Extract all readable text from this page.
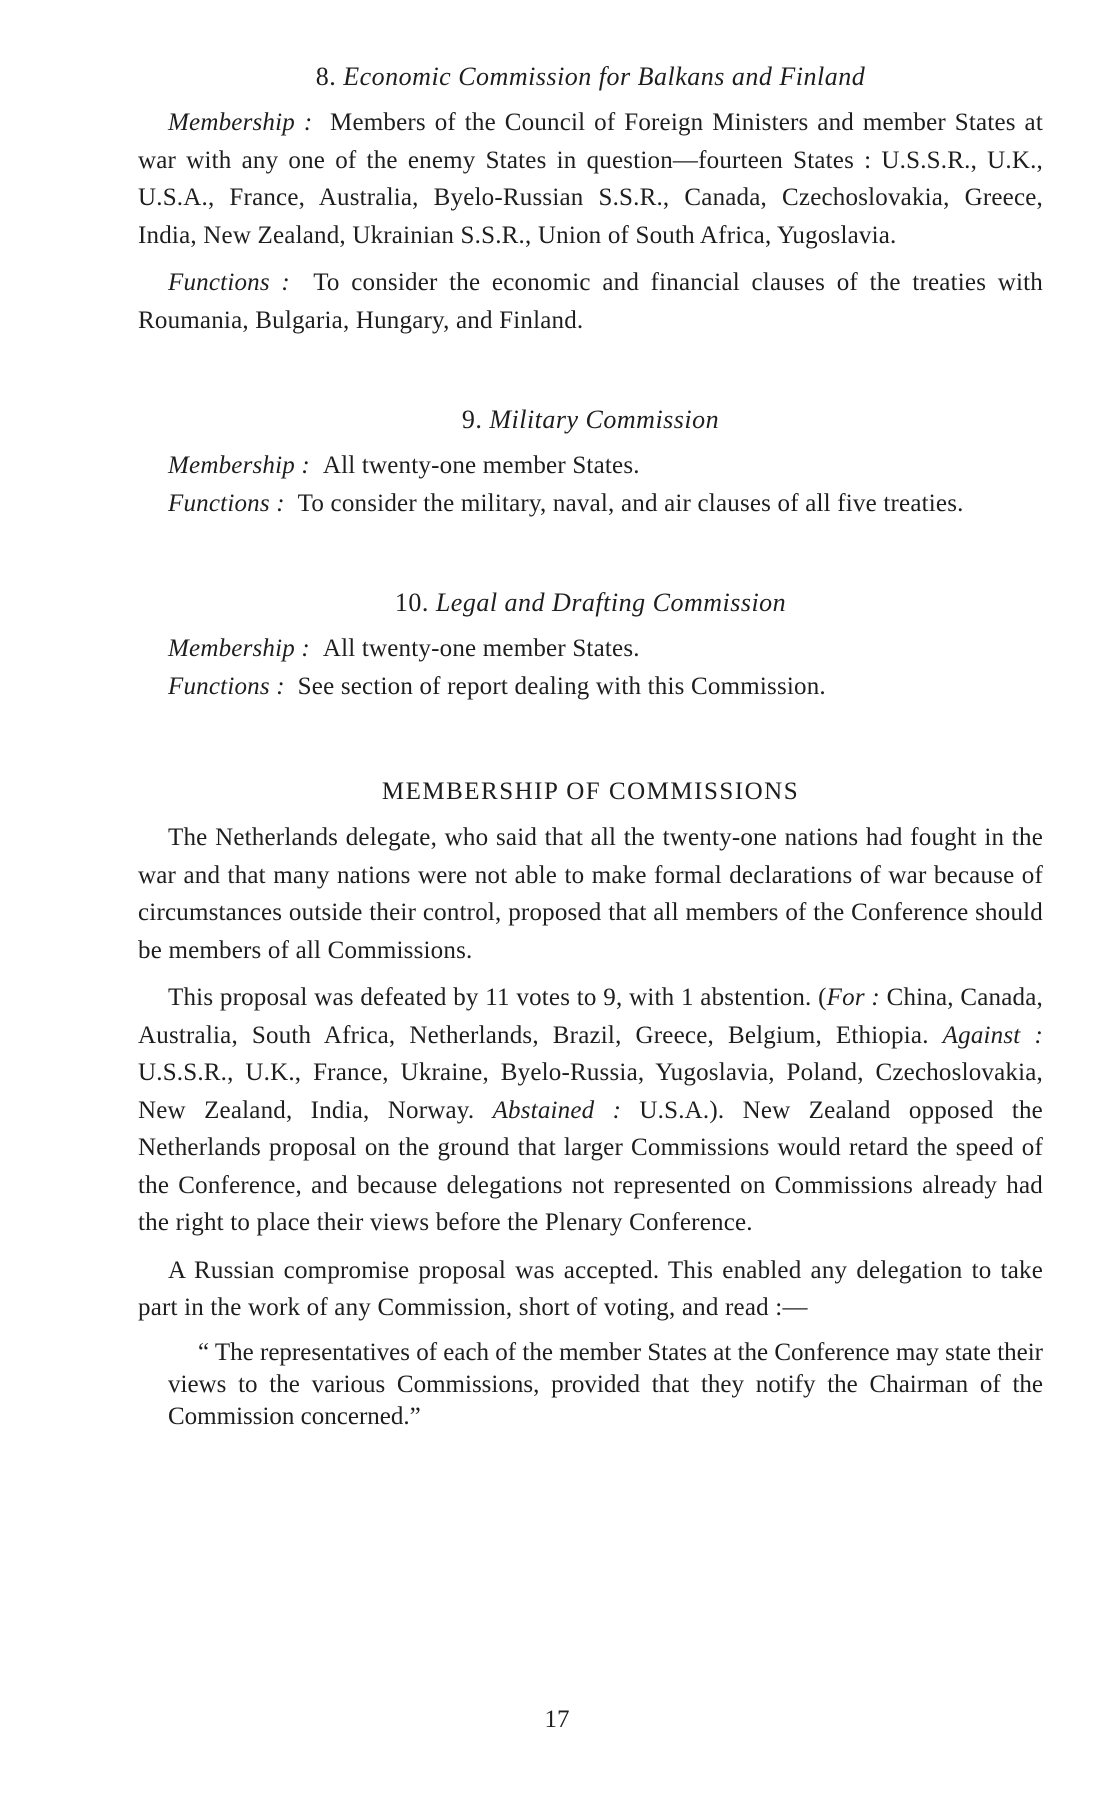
8. Economic Commission for Balkans and Finland

Membership : Members of the Council of Foreign Ministers and member States at war with any one of the enemy States in question—fourteen States : U.S.S.R., U.K., U.S.A., France, Australia, Byelo-Russian S.S.R., Canada, Czechoslovakia, Greece, India, New Zealand, Ukrainian S.S.R., Union of South Africa, Yugoslavia.

Functions : To consider the economic and financial clauses of the treaties with Roumania, Bulgaria, Hungary, and Finland.

9. Military Commission

Membership : All twenty-one member States.

Functions : To consider the military, naval, and air clauses of all five treaties.

10. Legal and Drafting Commission

Membership : All twenty-one member States.

Functions : See section of report dealing with this Commission.

MEMBERSHIP OF COMMISSIONS

The Netherlands delegate, who said that all the twenty-one nations had fought in the war and that many nations were not able to make formal declarations of war because of circumstances outside their control, proposed that all members of the Conference should be members of all Commissions.

This proposal was defeated by 11 votes to 9, with 1 abstention. (For : China, Canada, Australia, South Africa, Netherlands, Brazil, Greece, Belgium, Ethiopia. Against : U.S.S.R., U.K., France, Ukraine, Byelo-Russia, Yugoslavia, Poland, Czechoslovakia, New Zealand, India, Norway. Abstained : U.S.A.). New Zealand opposed the Netherlands proposal on the ground that larger Commissions would retard the speed of the Conference, and because delegations not represented on Commissions already had the right to place their views before the Plenary Conference.

A Russian compromise proposal was accepted. This enabled any delegation to take part in the work of any Commission, short of voting, and read :—

“ The representatives of each of the member States at the Conference may state their views to the various Commissions, provided that they notify the Chairman of the Commission concerned.”

17
